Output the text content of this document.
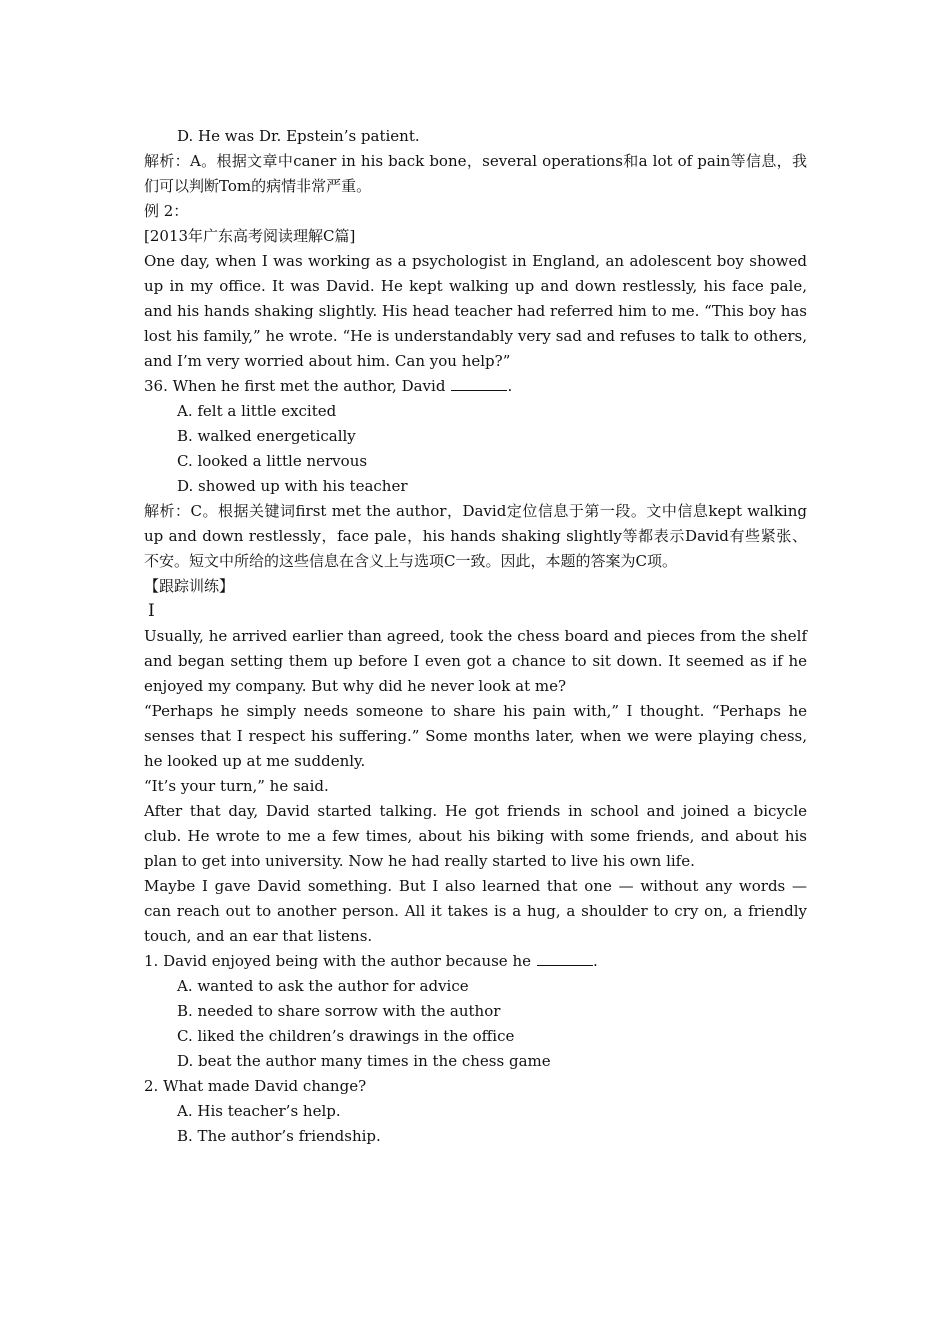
D. He was Dr. Epstein’s patient.

解析：A。根据文章中caner in his back bone，several operations和a lot of pain等信息，我们可以判断Tom的病情非常严重。

例 2：

[2013年广东高考阅读理解C篇]

One day, when I was working as a psychologist in England, an adolescent boy showed up in my office. It was David. He kept walking up and down restlessly, his face pale, and his hands shaking slightly. His head teacher had referred him to me. “This boy has lost his family,” he wrote. “He is understandably very sad and refuses to talk to others, and I’m very worried about him. Can you help?”

36. When he first met the author, David	.

A. felt a little excited

B. walked energetically

C. looked a little nervous

D. showed up with his teacher

解析：C。根据关键词first met the author，David定位信息于第一段。文中信息kept walking up and down restlessly，face pale，his hands shaking slightly等都表示David有些紧张、不安。短文中所给的这些信息在含义上与选项C一致。因此，本题的答案为C项。

【跟踪训练】

Ⅰ

Usually, he arrived earlier than agreed, took the chess board and pieces from the shelf and began setting them up before I even got a chance to sit down. It seemed as if he enjoyed my company. But why did he never look at me?

“Perhaps he simply needs someone to share his pain with,” I thought. “Perhaps he senses that I respect his suffering.” Some months later, when we were playing chess, he looked up at me suddenly.

“It’s your turn,” he said.

After that day, David started talking. He got friends in school and joined a bicycle club. He wrote to me a few times, about his biking with some friends, and about his plan to get into university. Now he had really started to live his own life.

Maybe I gave David something. But I also learned that one — without any words — can reach out to another person. All it takes is a hug, a shoulder to cry on, a friendly touch, and an ear that listens.

1. David enjoyed being with the author because he	.

A. wanted to ask the author for advice

B. needed to share sorrow with the author

C. liked the children’s drawings in the office

D. beat the author many times in the chess game

2. What made David change?

A. His teacher’s help.

B. The author’s friendship.
